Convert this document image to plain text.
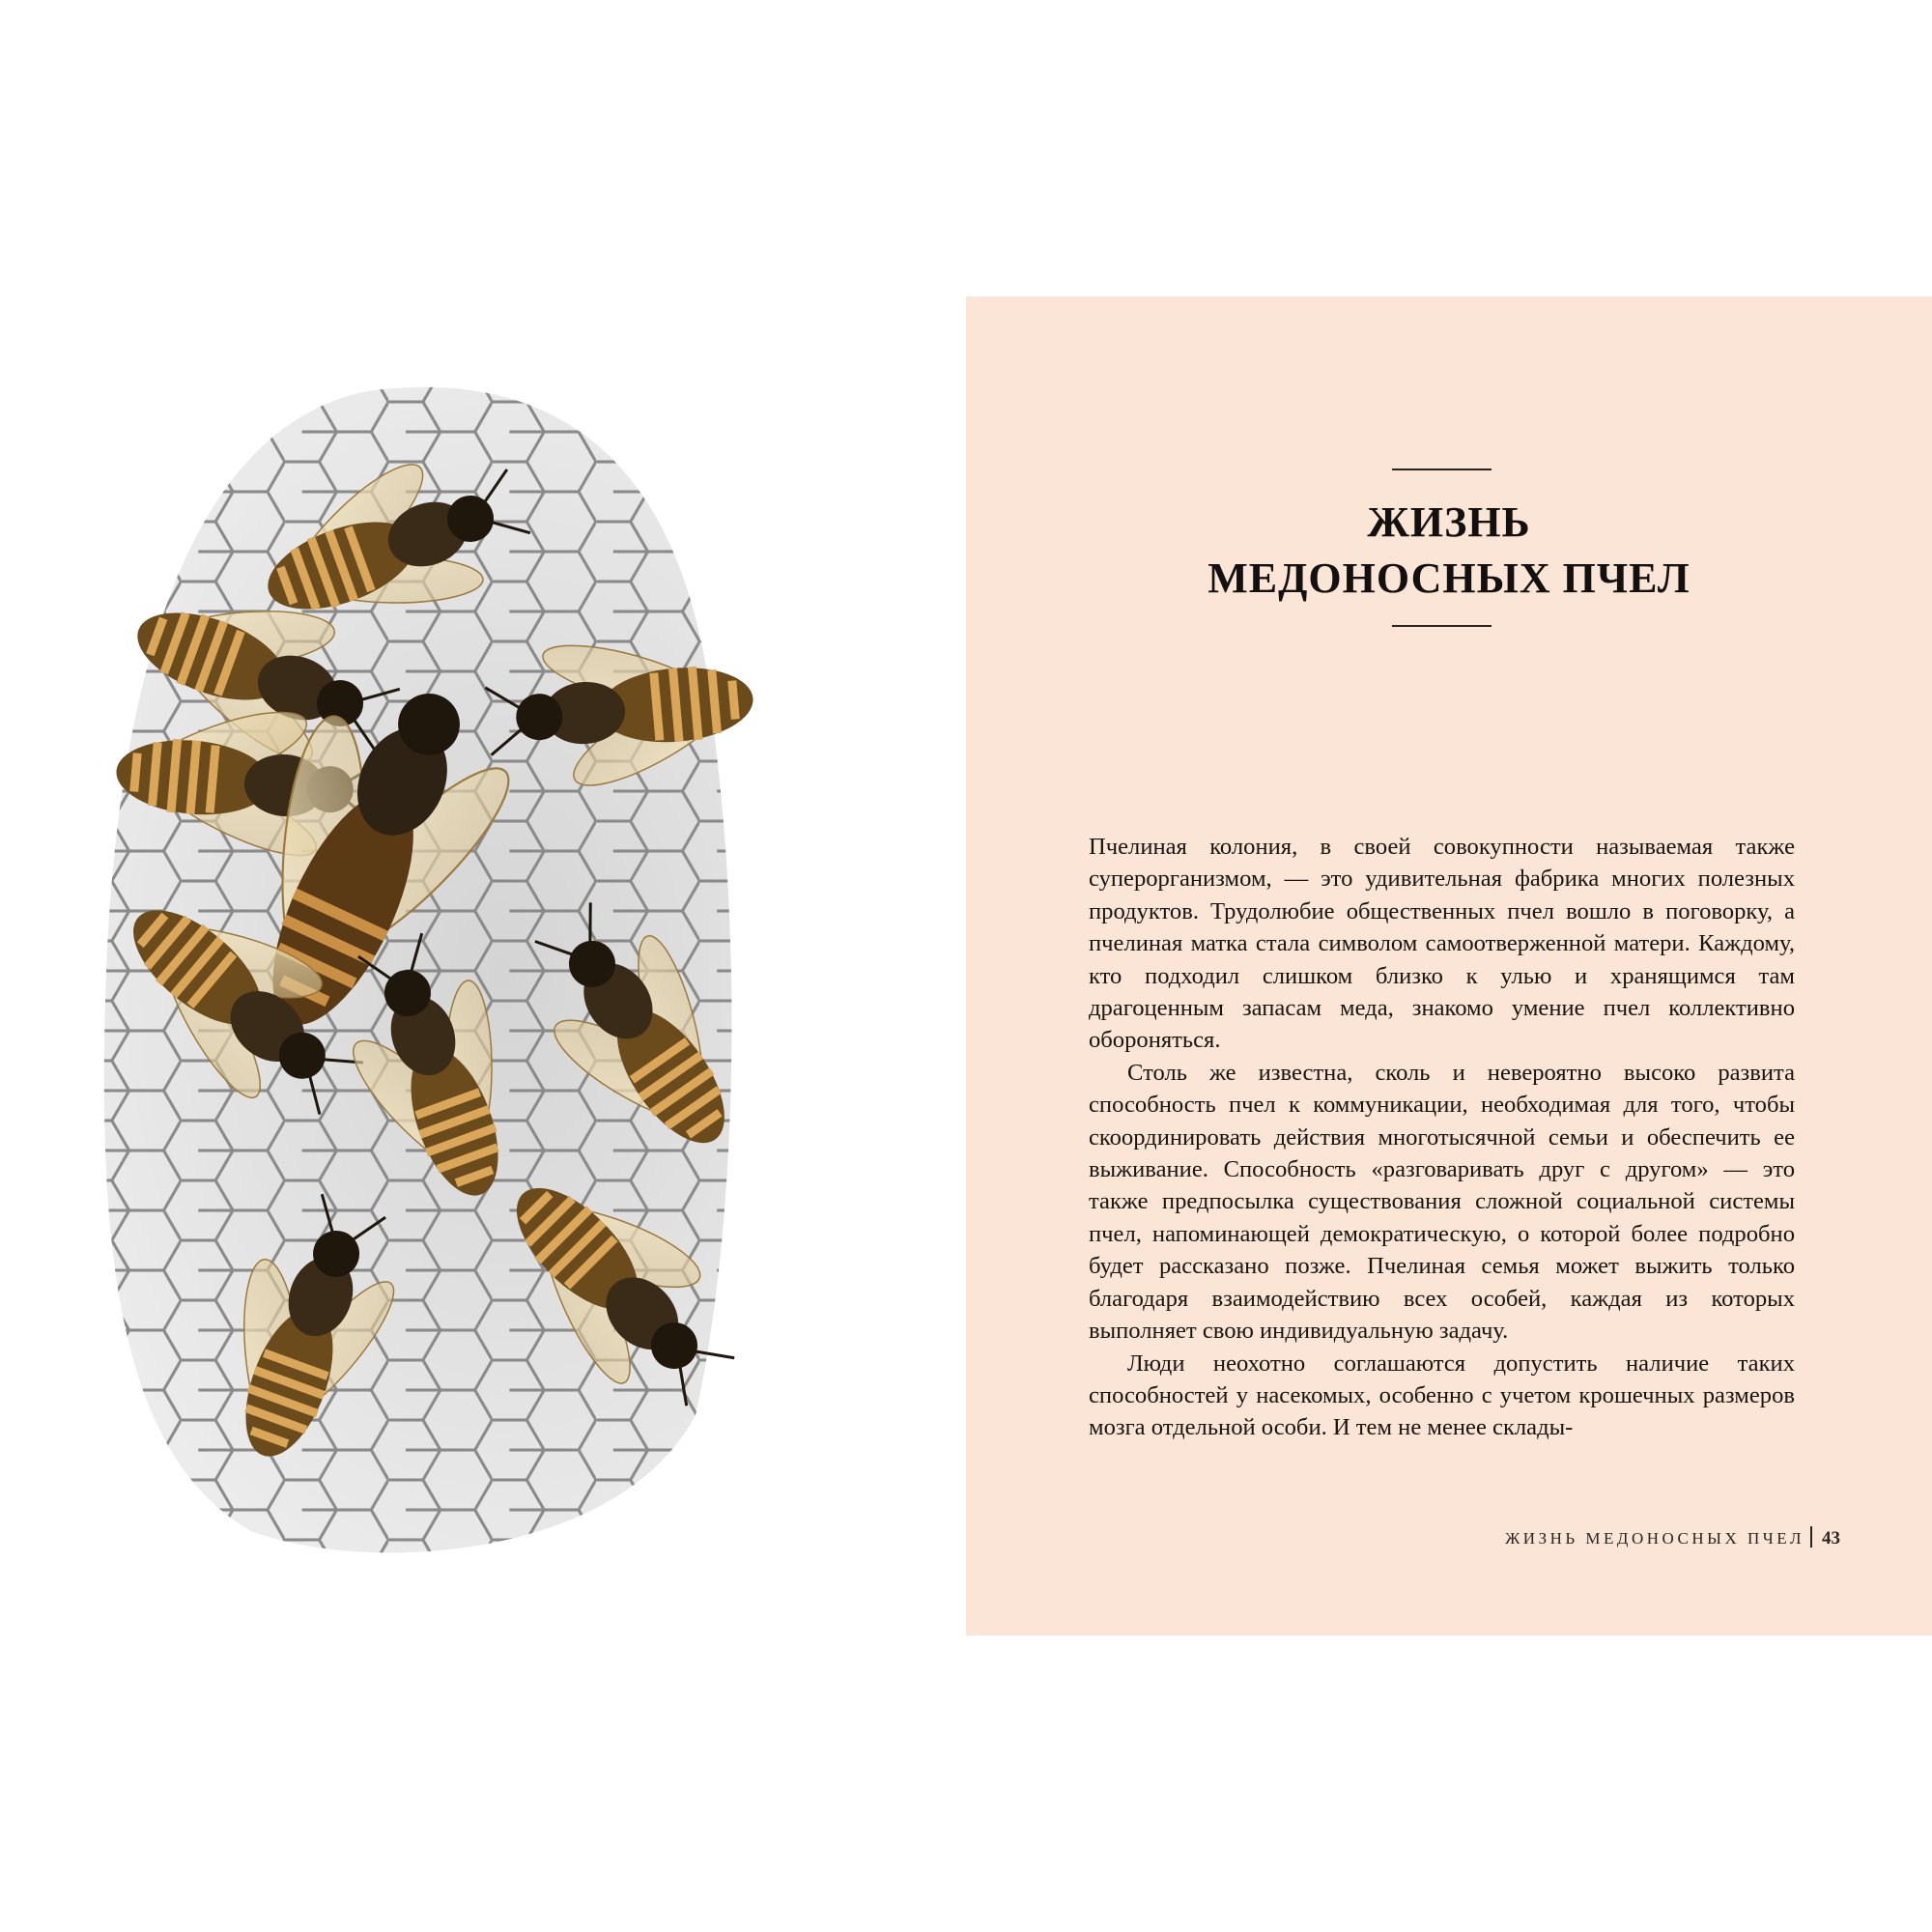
ЖИЗНЬ
МЕДОНОСНЫХ ПЧЕЛ

Пчелиная колония, в своей совокупности называемая также суперорганизмом, — это удивительная фабрика многих полезных продуктов. Трудолюбие общественных пчел вошло в поговорку, а пчелиная матка стала символом самоотверженной матери. Каждому, кто подходил слишком близко к улью и хранящимся там драгоценным запасам меда, знакомо умение пчел коллективно обороняться.

Столь же известна, сколь и невероятно высоко развита способность пчел к коммуникации, необходимая для того, чтобы скоординировать действия многотысячной семьи и обеспечить ее выживание. Способность «разговаривать друг с другом» — это также предпосылка существования сложной социальной системы пчел, напоминающей демократическую, о которой более подробно будет рассказано позже. Пчелиная семья может выжить только благодаря взаимодействию всех особей, каждая из которых выполняет свою индивидуальную задачу.

Люди неохотно соглашаются допустить наличие таких способностей у насекомых, особенно с учетом крошечных размеров мозга отдельной особи. И тем не менее склады-

ЖИЗНЬ МЕДОНОСНЫХ ПЧЕЛ 43
